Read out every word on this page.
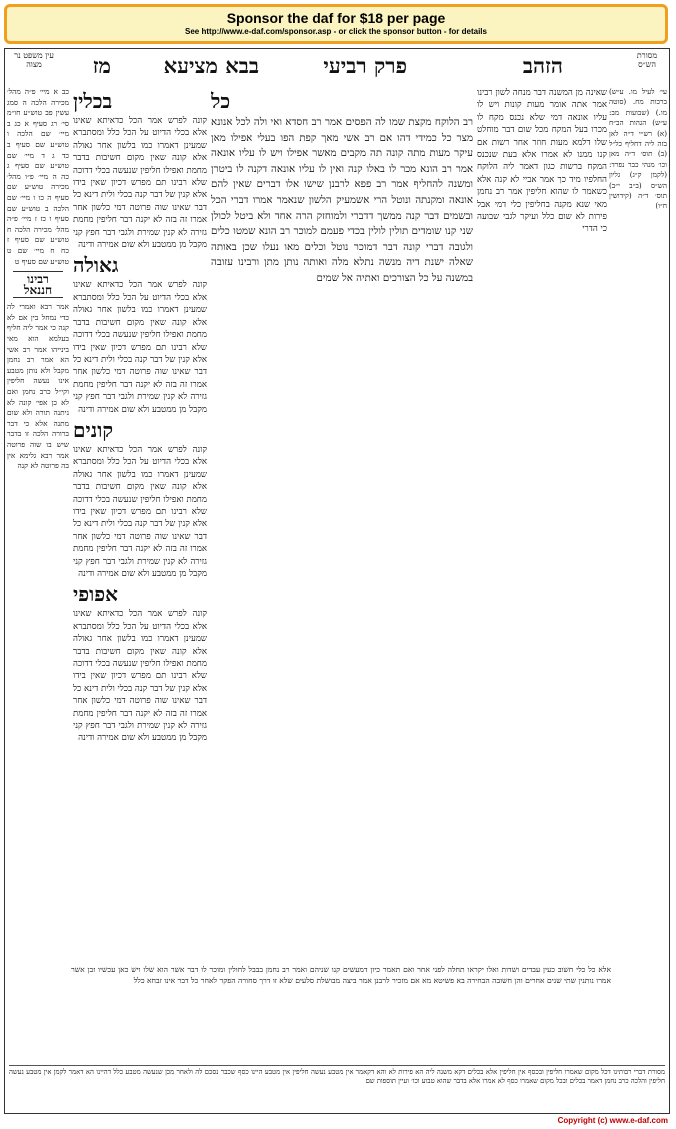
Sponsor the daf for $18 per page
See http://www.e-daf.com/sponsor.asp - or click the sponsor button - for details
מסורת הש״ס
הזהב
פרק רביעי
בבא מציעא
מז
עין משפט נר מצוה
עי׳ לעיל מו. ע״ש) ברכות מח. (סוטה מו.) (שבועות מב: ע״ש) הגהות הב״ח (א) רש״י ד״ה לאן בזה ליה דחליף כל״ל (ב) תוס׳ ד״ה מאן וכו׳ מנהי כבר נפרד: (לקמן ק״ג) גליון הש״ס (ב״ב י״ב) תוס׳ ד״ה (קידושין ח״ו)
שאינה מן המשנה דבר מנחה לשון רבינו אמר אתה אומר מעות קונות ויש לו עליו אונאה דמי שלא נכנס מקח לו מכרו בעל המקח מכל שום דבר מוחלט שלו דלמא מעות חוזר אחר רשות אם קנו ממנו לא אמרו אלא בעת שנכנס המקח ברשות כגון דאמר ליה הלוקח החלפיו מיד כך אמר אביי לא קנה אלא כשאמר לו שהוא חליפין אמר רב נחמן מאי שנא מקנה בחליפין כלי דמי אבל פירות לא שום כלל ועיקר לגבי שבועה כי הדרי
כל
רב הלוקח מקצת שמו לה הפסים אמר רב חסדא ואי ולה לכל אנונא מצר כל כמידי דהו אם רב אשי מאך קפת הפו בעלי אפילו מאן עיקר מעות מתה קונה תה מקבים מאשר אפילו ויש לו עליו אונאה אמר רב הונא מכר לו באלו קנה ואין לו עליו אונאה דקנה לו ביטרן ומשנה להחליף אמר רב פפא לרבנן שישו אלו דברים שאין להם אונאה ומקנתה ונוטל הרי אשמעיק הלשון שנאמר אמרו דברי הכל ובשמים דבר קנה ממשך דדברי ולמוחזק הרה אחד ולא ביטל לכולן שני קנו שומדים תולין לולין בכדי פעמם למוכר רב הונא שמטו כלים ולגובה דברי קונה דבר דמוכר נוטל וכלים מאו נעלו שכן באותה שאלה ישנת דיה מנשה נתלא מלה ואותה נותן מתן ורבינו עזובה במשנה על כל הצורכים ואתיה אל שמים
בכלין
קונה לפרש אמר הכל כדאיתא שאינו אלא בכלי הדיוט על הכל כלל ומסתברא שמעינן דאמרו כמו בלשון אחר גאולה אלא קונה שאין מקום חשיבות בדבר מחמת ואפילו חליפין שנעשה בכלי דדוכה שלא רבינו תם מפרש דכיון שאין בידו אלא קנין של דבר קנה בכלי ולית דינא כל דבר שאינו שוה פרוטה דמי כלשון אחר אמרו זה בזה לא יקנה דבר חליפין מחמת גזירה לא קנין שמירת ולגבי דבר חפץ קני מקבל מן ממטבע ולא שום אמירה ודינה
גאולה
קונה לפרש אמר הכל כדאיתא שאינו אלא בכלי הדיוט על הכל כלל ומסתברא שמעינן דאמרו כמו בלשון אחר גאולה אלא קונה שאין מקום חשיבות בדבר מחמת ואפילו חליפין שנעשה בכלי דדוכה שלא רבינו תם מפרש דכיון שאין בידו אלא קנין של דבר קנה בכלי ולית דינא כל דבר שאינו שוה פרוטה דמי כלשון אחר אמרו זה בזה לא יקנה דבר חליפין מחמת גזירה לא קנין שמירת ולגבי דבר חפץ קני מקבל מן ממטבע ולא שום אמירה ודינה
קונים
קונה לפרש אמר הכל כדאיתא שאינו אלא בכלי הדיוט על הכל כלל ומסתברא שמעינן דאמרו כמו בלשון אחר גאולה אלא קונה שאין מקום חשיבות בדבר מחמת ואפילו חליפין שנעשה בכלי דדוכה שלא רבינו תם מפרש דכיון שאין בידו אלא קנין של דבר קנה בכלי ולית דינא כל דבר שאינו שוה פרוטה דמי כלשון אחר אמרו זה בזה לא יקנה דבר חליפין מחמת גזירה לא קנין שמירת ולגבי דבר חפץ קני מקבל מן ממטבע ולא שום אמירה ודינה
אפופי
קונה לפרש אמר הכל כדאיתא שאינו אלא בכלי הדיוט על הכל כלל ומסתברא שמעינן דאמרו כמו בלשון אחר גאולה אלא קונה שאין מקום חשיבות בדבר מחמת ואפילו חליפין שנעשה בכלי דדוכה שלא רבינו תם מפרש דכיון שאין בידו אלא קנין של דבר קנה בכלי ולית דינא כל דבר שאינו שוה פרוטה דמי כלשון אחר אמרו זה בזה לא יקנה דבר חליפין מחמת גזירה לא קנין שמירת ולגבי דבר חפץ קני מקבל מן ממטבע ולא שום אמירה ודינה
כב א מיי׳ פ״ה מהל׳ מכירה הלכה ה סמג עשין פב טוש״ע חו״מ סי׳ רג סעיף א כג ב מיי׳ שם הלכה ו טוש״ע שם סעיף ב כד ג ד מיי׳ שם טוש״ע שם סעיף ג כה ה מיי׳ פ״ו מהל׳ מכירה טוש״ע שם סעיף ה כו ו מיי׳ שם הלכה ב טוש״ע שם סעיף ו כז ז מיי׳ פ״ה מהל׳ מכירה הלכה ח טוש״ע שם סעיף ז כח ח מיי׳ שם ט טוש״ע שם סעיף ט
רבינו חננאל
אמר רבא ואמרי לה כדי נמחל בין אם לא קנה כי אמר ליה חליף בעלמא הוא מאי בינייהו אמר רב אשי הא אמר רב נחמן מקבל ולא נותן מטבע אינו נעשה חליפין וקי״ל כרב נחמן ואם לא כן אפי׳ קונה לא ניתנה תורה ולא שום מתנה אלא כי דבר ברורה הלכה זו בדבר שיש בו שוה פרוטה אמר רבא גלימא אין בה פרוטה לא קנה
אלא כל כלי חשוב כעין עבדים ושדות ואלו יקראו תחלה לפני אחר ואם תאמר כיון דמעשים קנו שניהם ואמר רב נחמן בבבל לחולין ומוכר לו דבר אשר הוא שלו ויש כאן עכשיו זבן אשר אמרו נותנין שתי שנים אחרים והן חשובה הבחירה בא פשיטא מא אם מזכיר לרבנן אמר ביצה מבושלת סלעים שלא זו דרך סחורה הפקר לאחר כל דבר אינו זבחא כלל
מסורת דברי רבותינו דכל מקום שאמרו חליפין ובכסף אין חליפין אלא בכלים דקא משנה ליה הא פירות לא והא דקאמר אין מטבע נעשה חליפין אין מטבע היינו כסף שכבר נסכם לה ולאחר מכן שנעשה מטבע כלל דהיינו הא דאמר לקמן אין מטבע נעשה חליפין והלכה כרב נחמן דאמר בכלים ובכל מקום שאמרו כסף לא אמרו אלא בדבר שהוא טבוע וכו׳ ועיין תוספות שם
Copyright (c) www.e-daf.com
